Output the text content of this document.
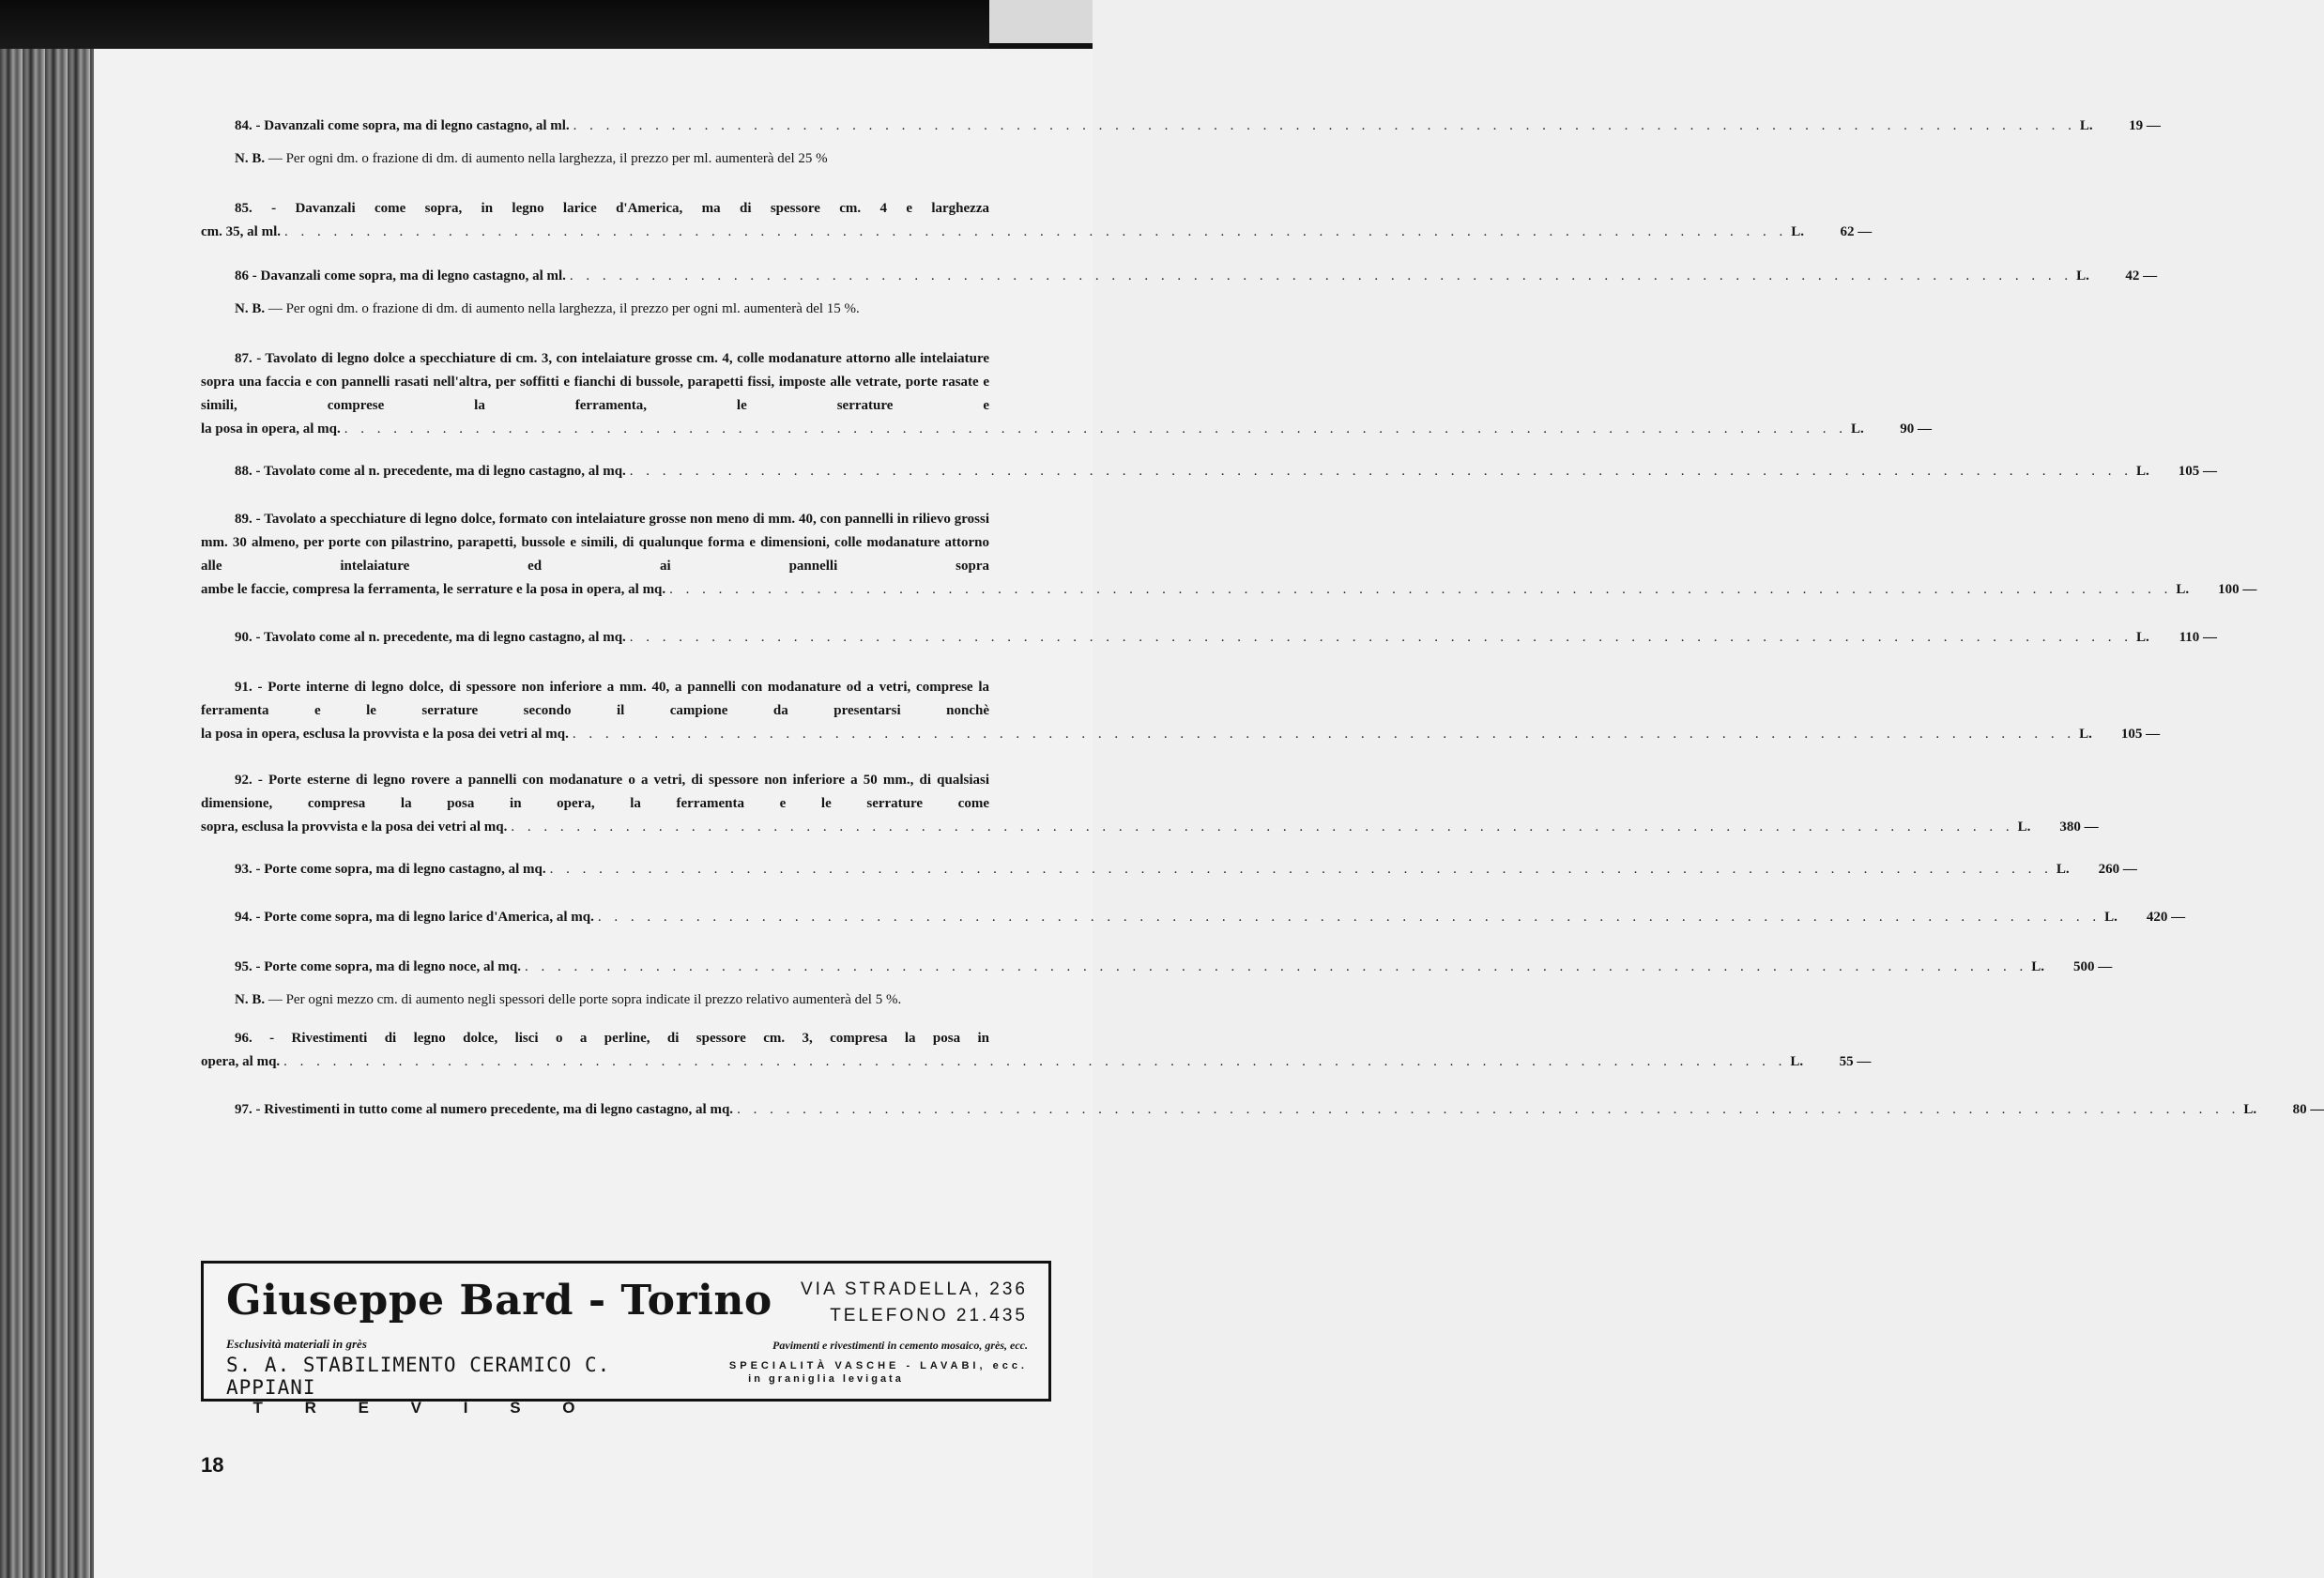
84. - Davanzali come sopra, ma di legno castagno, al ml. . . . . . . . . . . . . . . . . . . . . . . . . . . . . . . . . . . . . . . . . . . . . . . . . . . . . . . . . . . . . . . . . . . . . . . . . . . . . . . . . . . . . . . . . . . . . L.	19 —
N. B. — Per ogni dm. o frazione di dm. di aumento nella larghezza, il prezzo per ml. aumenterà del 25 %
85. - Davanzali come sopra, in legno larice d'America, ma di spessore cm. 4 e larghezza
cm. 35, al ml. . . . . . . . . . . . . . . . . . . . . . . . . . . . . . . . . . . . . . . . . . . . . . . . . . . . . . . . . . . . . . . . . . . . . . . . . . . . . . . . . . . . . . . . . . . . . L.	62 —
86 - Davanzali come sopra, ma di legno castagno, al ml. . . . . . . . . . . . . . . . . . . . . . . . . . . . . . . . . . . . . . . . . . . . . . . . . . . . . . . . . . . . . . . . . . . . . . . . . . . . . . . . . . . . . . . . . . . . . L.	42 —
N. B. — Per ogni dm. o frazione di dm. di aumento nella larghezza, il prezzo per ogni ml. aumenterà del 15 %.
87. - Tavolato di legno dolce a specchiature di cm. 3, con intelaiature grosse cm. 4, colle modanature attorno alle intelaiature sopra una faccia e con pannelli rasati nell'altra, per soffitti e fianchi di bussole, parapetti fissi, imposte alle vetrate, porte rasate e simili, comprese la ferramenta, le serrature e
la posa in opera, al mq. . . . . . . . . . . . . . . . . . . . . . . . . . . . . . . . . . . . . . . . . . . . . . . . . . . . . . . . . . . . . . . . . . . . . . . . . . . . . . . . . . . . . . . . . . . . . L.	90 —
88. - Tavolato come al n. precedente, ma di legno castagno, al mq. . . . . . . . . . . . . . . . . . . . . . . . . . . . . . . . . . . . . . . . . . . . . . . . . . . . . . . . . . . . . . . . . . . . . . . . . . . . . . . . . . . . . . . . . . . . . L.	105 —
89. - Tavolato a specchiature di legno dolce, formato con intelaiature grosse non meno di mm. 40, con pannelli in rilievo grossi mm. 30 almeno, per porte con pilastrino, parapetti, bussole e simili, di qualunque forma e dimensioni, colle modanature attorno alle intelaiature ed ai pannelli sopra
ambe le faccie, compresa la ferramenta, le serrature e la posa in opera, al mq. . . . . . . . . . . . . . . . . . . . . . . . . . . . . . . . . . . . . . . . . . . . . . . . . . . . . . . . . . . . . . . . . . . . . . . . . . . . . . . . . . . . . . . . . . . . . L.	100 —
90. - Tavolato come al n. precedente, ma di legno castagno, al mq. . . . . . . . . . . . . . . . . . . . . . . . . . . . . . . . . . . . . . . . . . . . . . . . . . . . . . . . . . . . . . . . . . . . . . . . . . . . . . . . . . . . . . . . . . . . . L.	110 —
91. - Porte interne di legno dolce, di spessore non inferiore a mm. 40, a pannelli con modanature od a vetri, comprese la ferramenta e le serrature secondo il campione da presentarsi nonchè
la posa in opera, esclusa la provvista e la posa dei vetri al mq. . . . . . . . . . . . . . . . . . . . . . . . . . . . . . . . . . . . . . . . . . . . . . . . . . . . . . . . . . . . . . . . . . . . . . . . . . . . . . . . . . . . . . . . . . . . . L.	105 —
92. - Porte esterne di legno rovere a pannelli con modanature o a vetri, di spessore non inferiore a 50 mm., di qualsiasi dimensione, compresa la posa in opera, la ferramenta e le serrature come
sopra, esclusa la provvista e la posa dei vetri al mq. . . . . . . . . . . . . . . . . . . . . . . . . . . . . . . . . . . . . . . . . . . . . . . . . . . . . . . . . . . . . . . . . . . . . . . . . . . . . . . . . . . . . . . . . . . . . L.	380 —
93. - Porte come sopra, ma di legno castagno, al mq. . . . . . . . . . . . . . . . . . . . . . . . . . . . . . . . . . . . . . . . . . . . . . . . . . . . . . . . . . . . . . . . . . . . . . . . . . . . . . . . . . . . . . . . . . . . . L.	260 —
94. - Porte come sopra, ma di legno larice d'America, al mq. . . . . . . . . . . . . . . . . . . . . . . . . . . . . . . . . . . . . . . . . . . . . . . . . . . . . . . . . . . . . . . . . . . . . . . . . . . . . . . . . . . . . . . . . . . . . L.	420 —
95. - Porte come sopra, ma di legno noce, al mq. . . . . . . . . . . . . . . . . . . . . . . . . . . . . . . . . . . . . . . . . . . . . . . . . . . . . . . . . . . . . . . . . . . . . . . . . . . . . . . . . . . . . . . . . . . . . L.	500 —
N. B. — Per ogni mezzo cm. di aumento negli spessori delle porte sopra indicate il prezzo relativo aumenterà del 5 %.
96. - Rivestimenti di legno dolce, lisci o a perline, di spessore cm. 3, compresa la posa in
opera, al mq. . . . . . . . . . . . . . . . . . . . . . . . . . . . . . . . . . . . . . . . . . . . . . . . . . . . . . . . . . . . . . . . . . . . . . . . . . . . . . . . . . . . . . . . . . . . . L.	55 —
97. - Rivestimenti in tutto come al numero precedente, ma di legno castagno, al mq. . . . . . . . . . . . . . . . . . . . . . . . . . . . . . . . . . . . . . . . . . . . . . . . . . . . . . . . . . . . . . . . . . . . . . . . . . . . . . . . . . . . . . . . . . . . . L.	80 —
Giuseppe Bard - Torino VIA STRADELLA, 236
TELEFONO 21.435
Esclusività materiali in grès
S. A. STABILIMENTO CERAMICO C. APPIANI
T R E V I S O
Pavimenti e rivestimenti in cemento mosaico, grès, ecc.
SPECIALITÀ VASCHE - LAVABI, ecc.
in graniglia levigata
18
